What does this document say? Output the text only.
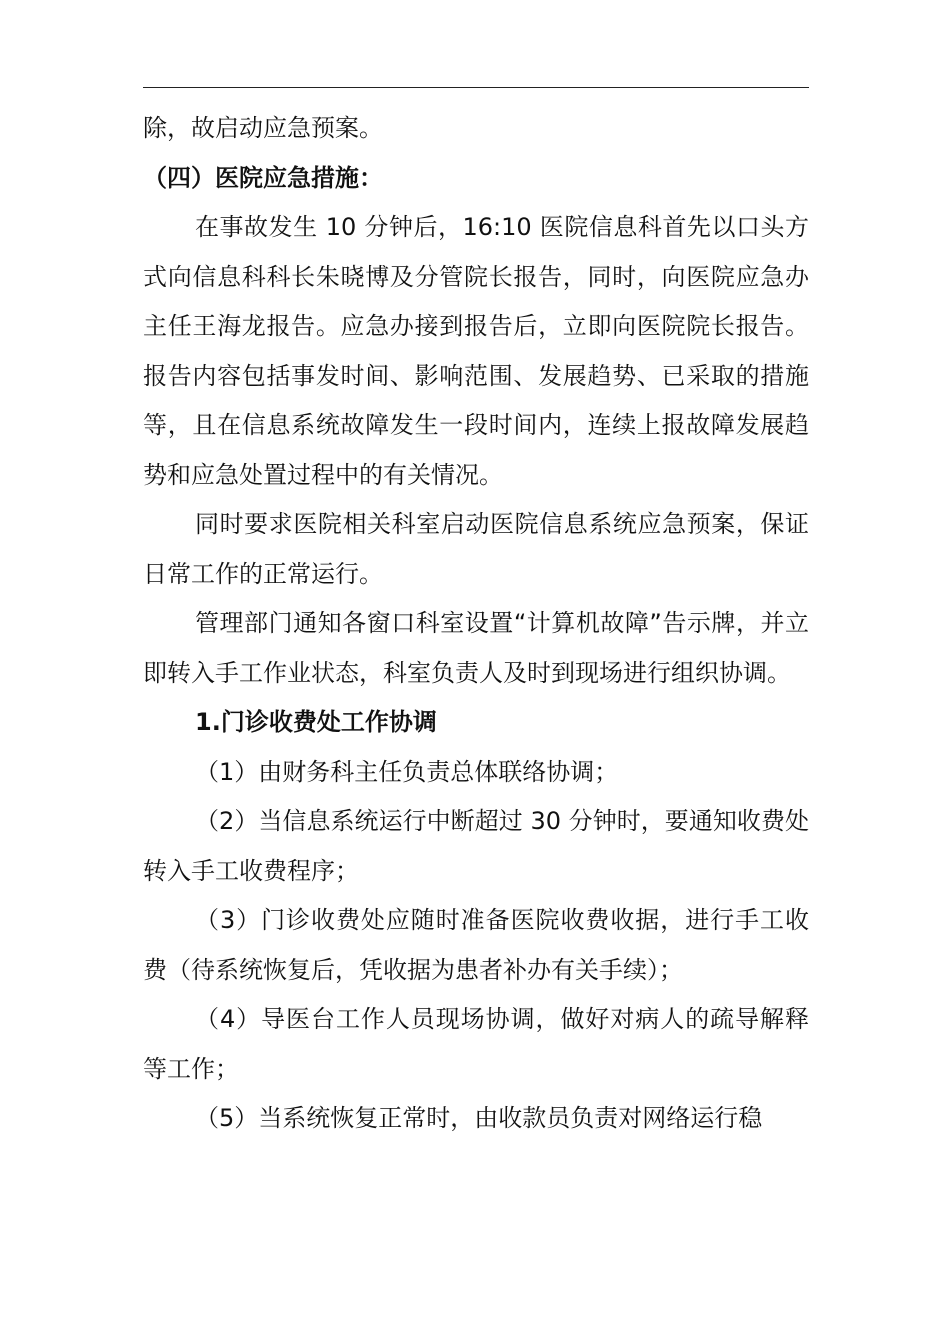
除，故启动应急预案。

（四）医院应急措施：

在事故发生 10 分钟后，16:10 医院信息科首先以口头方式向信息科科长朱晓博及分管院长报告，同时，向医院应急办主任王海龙报告。应急办接到报告后，立即向医院院长报告。报告内容包括事发时间、影响范围、发展趋势、已采取的措施等，且在信息系统故障发生一段时间内，连续上报故障发展趋势和应急处置过程中的有关情况。

同时要求医院相关科室启动医院信息系统应急预案，保证日常工作的正常运行。

管理部门通知各窗口科室设置“计算机故障”告示牌，并立即转入手工作业状态，科室负责人及时到现场进行组织协调。

1.门诊收费处工作协调

（1）由财务科主任负责总体联络协调；

（2）当信息系统运行中断超过 30 分钟时，要通知收费处转入手工收费程序；

（3）门诊收费处应随时准备医院收费收据，进行手工收费（待系统恢复后，凭收据为患者补办有关手续）；

（4）导医台工作人员现场协调，做好对病人的疏导解释等工作；

（5）当系统恢复正常时，由收款员负责对网络运行稳
